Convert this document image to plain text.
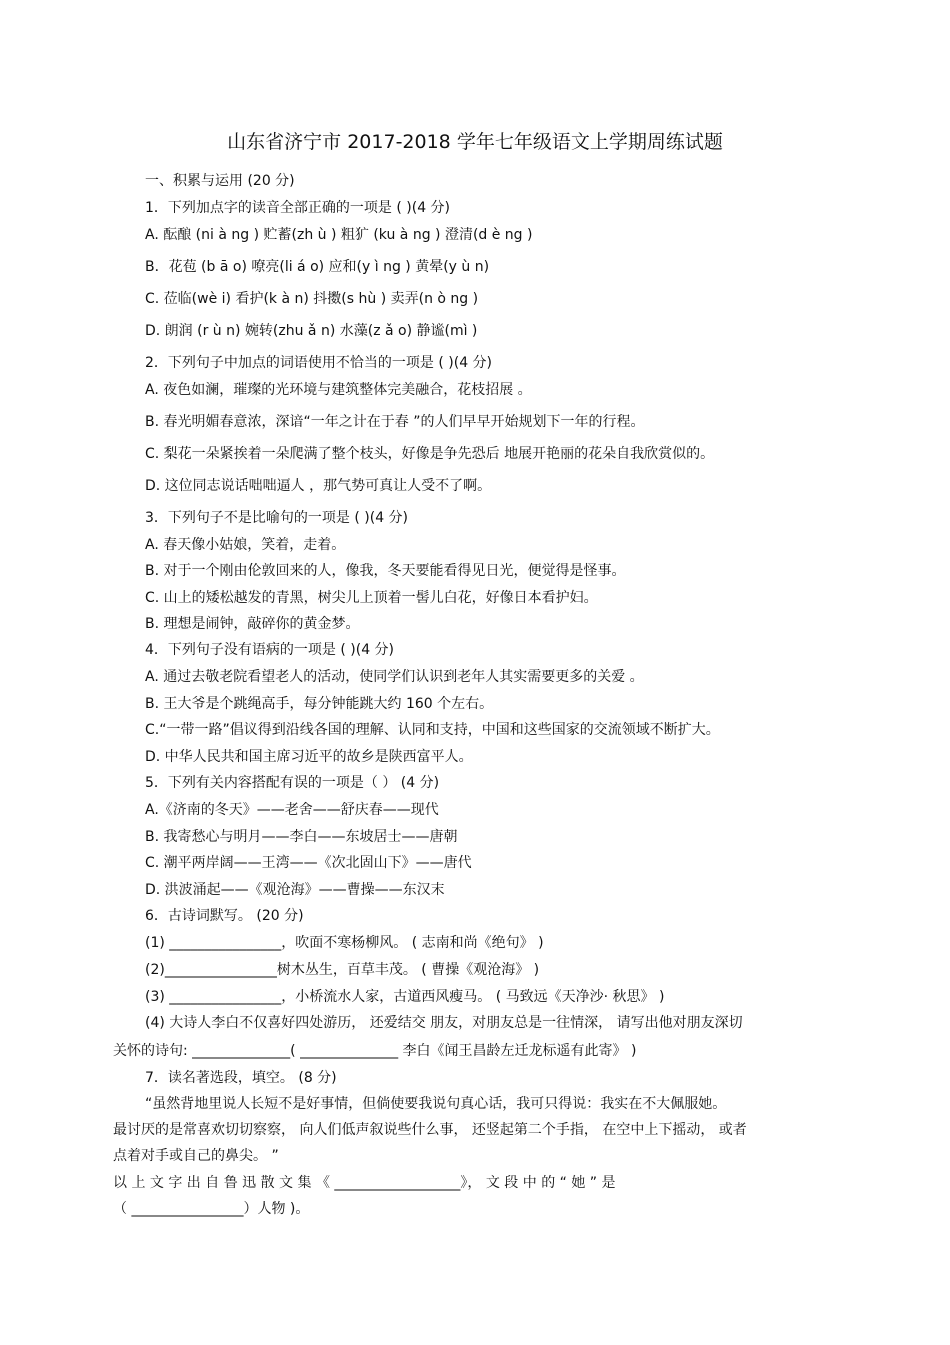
山东省济宁市 2017-2018 学年七年级语文上学期周练试题
一、积累与运用 (20 分)
1．下列加点字的读音全部正确的一项是 ( )(4 分)
A. 酝酿 (ni à ng ) 贮蓄(zh ù ) 粗犷 (ku à ng ) 澄清(d è ng )
B．花苞 (b ā o) 嘹亮(li á o) 应和(y ì ng ) 黄晕(y ù n)
C. 莅临(wè i) 看护(k à n) 抖擞(s hù ) 卖弄(n ò ng )
D. 朗润 (r ù n) 婉转(zhu ǎ n) 水藻(z ǎ o) 静谧(mì )
2．下列句子中加点的词语使用不恰当的一项是 ( )(4 分)
A. 夜色如澜，璀璨的光环境与建筑整体完美融合，花枝招展 。
B. 春光明媚春意浓，深谙“一年之计在于春 ”的人们早早开始规划下一年的行程。
C. 梨花一朵紧挨着一朵爬满了整个枝头，好像是争先恐后 地展开艳丽的花朵自我欣赏似的。
D. 这位同志说话咄咄逼人 ，那气势可真让人受不了啊。
3．下列句子不是比喻句的一项是 ( )(4 分)
A. 春天像小姑娘，笑着，走着。
B. 对于一个刚由伦敦回来的人，像我，冬天要能看得见日光，便觉得是怪事。
C. 山上的矮松越发的青黑，树尖儿上顶着一髻儿白花，好像日本看护妇。
B. 理想是闹钟，敲碎你的黄金梦。
4．下列句子没有语病的一项是 ( )(4 分)
A. 通过去敬老院看望老人的活动，使同学们认识到老年人其实需要更多的关爱 。
B. 王大爷是个跳绳高手，每分钟能跳大约 160 个左右。
C.“一带一路”倡议得到沿线各国的理解、认同和支持，中国和这些国家的交流领域不断扩大。
D. 中华人民共和国主席习近平的故乡是陕西富平人。
5．下列有关内容搭配有误的一项是（ ） (4 分)
A.《济南的冬天》——老舍——舒庆春——现代
B. 我寄愁心与明月——李白——东坡居士——唐朝
C. 潮平两岸阔——王湾——《次北固山下》——唐代
D. 洪波涌起——《观沧海》——曹操——东汉末
6．古诗词默写。 (20 分)
(1) ________________，吹面不寒杨柳风。 ( 志南和尚《绝句》 )
(2)________________树木丛生，百草丰茂。 ( 曹操《观沧海》 )
(3) ________________，小桥流水人家，古道西风瘦马。 ( 马致远《天净沙· 秋思》 )
(4) 大诗人李白不仅喜好四处游历， 还爱结交 朋友，对朋友总是一往情深， 请写出他对朋友深切
关怀的诗句: ______________( ______________ 李白《闻王昌龄左迁龙标遥有此寄》 )
7．读名著选段，填空。 (8 分)
“虽然背地里说人长短不是好事情，但倘使要我说句真心话，我可只得说：我实在不大佩服她。
最讨厌的是常喜欢切切察察， 向人们低声叙说些什么事， 还竖起第二个手指， 在空中上下摇动， 或者
点着对手或自己的鼻尖。 ”
以 上 文 字 出 自 鲁 迅 散 文 集 《 __________________》， 文 段 中 的 “ 她 ” 是
（ ________________）人物 )。
